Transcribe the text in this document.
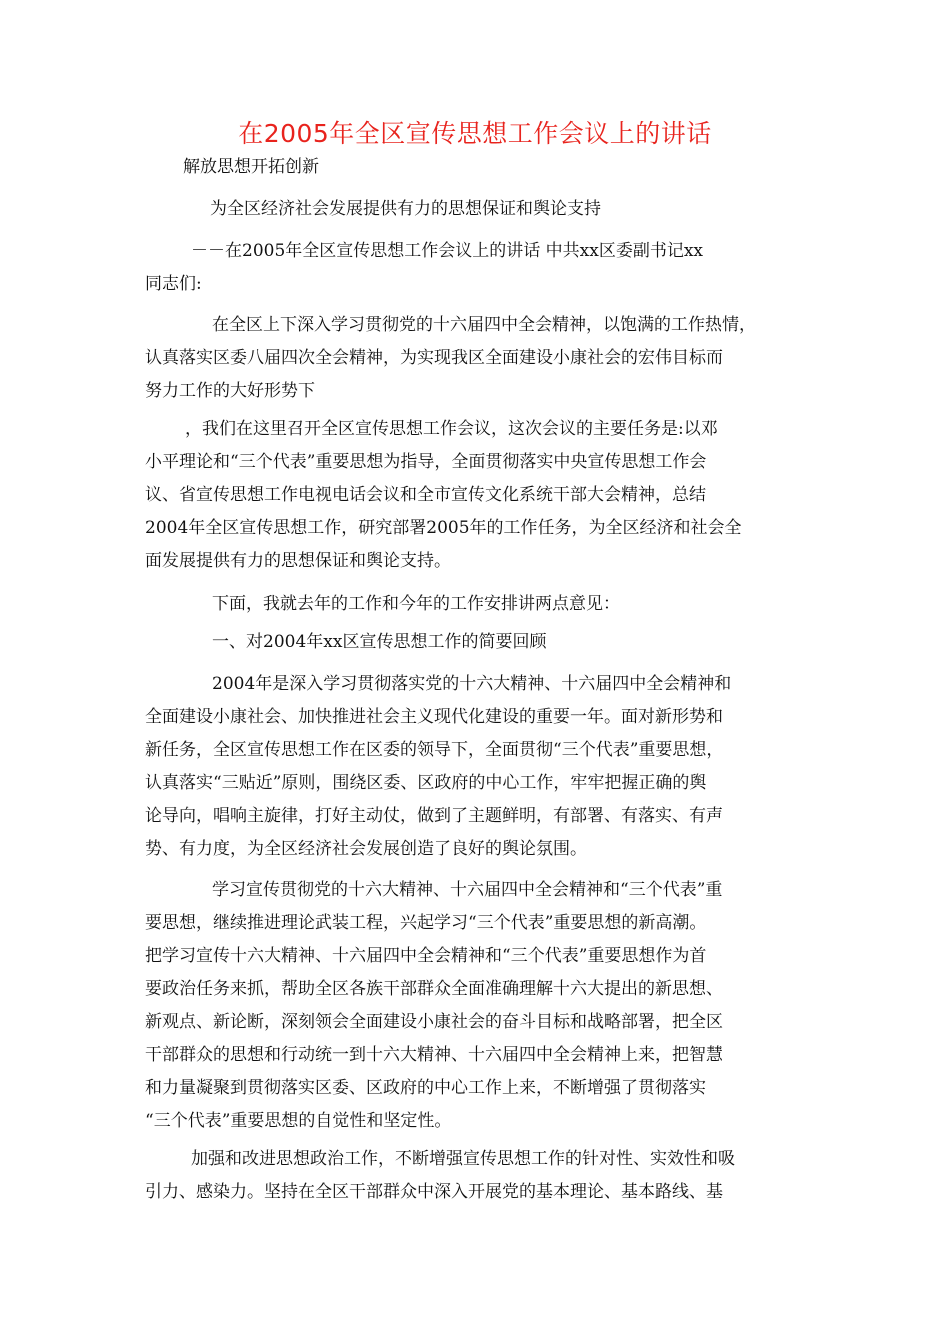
在2005年全区宣传思想工作会议上的讲话
解放思想开拓创新
为全区经济社会发展提供有力的思想保证和舆论支持
－－在2005年全区宣传思想工作会议上的讲话 中共xx区委副书记xx
同志们:
在全区上下深入学习贯彻党的十六届四中全会精神，以饱满的工作热情，
认真落实区委八届四次全会精神，为实现我区全面建设小康社会的宏伟目标而
努力工作的大好形势下
，我们在这里召开全区宣传思想工作会议，这次会议的主要任务是:以邓
小平理论和“三个代表”重要思想为指导，全面贯彻落实中央宣传思想工作会
议、省宣传思想工作电视电话会议和全市宣传文化系统干部大会精神，总结
2004年全区宣传思想工作，研究部署2005年的工作任务，为全区经济和社会全
面发展提供有力的思想保证和舆论支持。
下面，我就去年的工作和今年的工作安排讲两点意见：
一、对2004年xx区宣传思想工作的简要回顾
2004年是深入学习贯彻落实党的十六大精神、十六届四中全会精神和
全面建设小康社会、加快推进社会主义现代化建设的重要一年。面对新形势和
新任务，全区宣传思想工作在区委的领导下，全面贯彻“三个代表”重要思想，
认真落实“三贴近”原则，围绕区委、区政府的中心工作，牢牢把握正确的舆
论导向，唱响主旋律，打好主动仗，做到了主题鲜明，有部署、有落实、有声
势、有力度，为全区经济社会发展创造了良好的舆论氛围。
学习宣传贯彻党的十六大精神、十六届四中全会精神和“三个代表”重
要思想，继续推进理论武装工程，兴起学习“三个代表”重要思想的新高潮。
把学习宣传十六大精神、十六届四中全会精神和“三个代表”重要思想作为首
要政治任务来抓，帮助全区各族干部群众全面准确理解十六大提出的新思想、
新观点、新论断，深刻领会全面建设小康社会的奋斗目标和战略部署，把全区
干部群众的思想和行动统一到十六大精神、十六届四中全会精神上来，把智慧
和力量凝聚到贯彻落实区委、区政府的中心工作上来，不断增强了贯彻落实
“三个代表”重要思想的自觉性和坚定性。
加强和改进思想政治工作，不断增强宣传思想工作的针对性、实效性和吸
引力、感染力。坚持在全区干部群众中深入开展党的基本理论、基本路线、基
